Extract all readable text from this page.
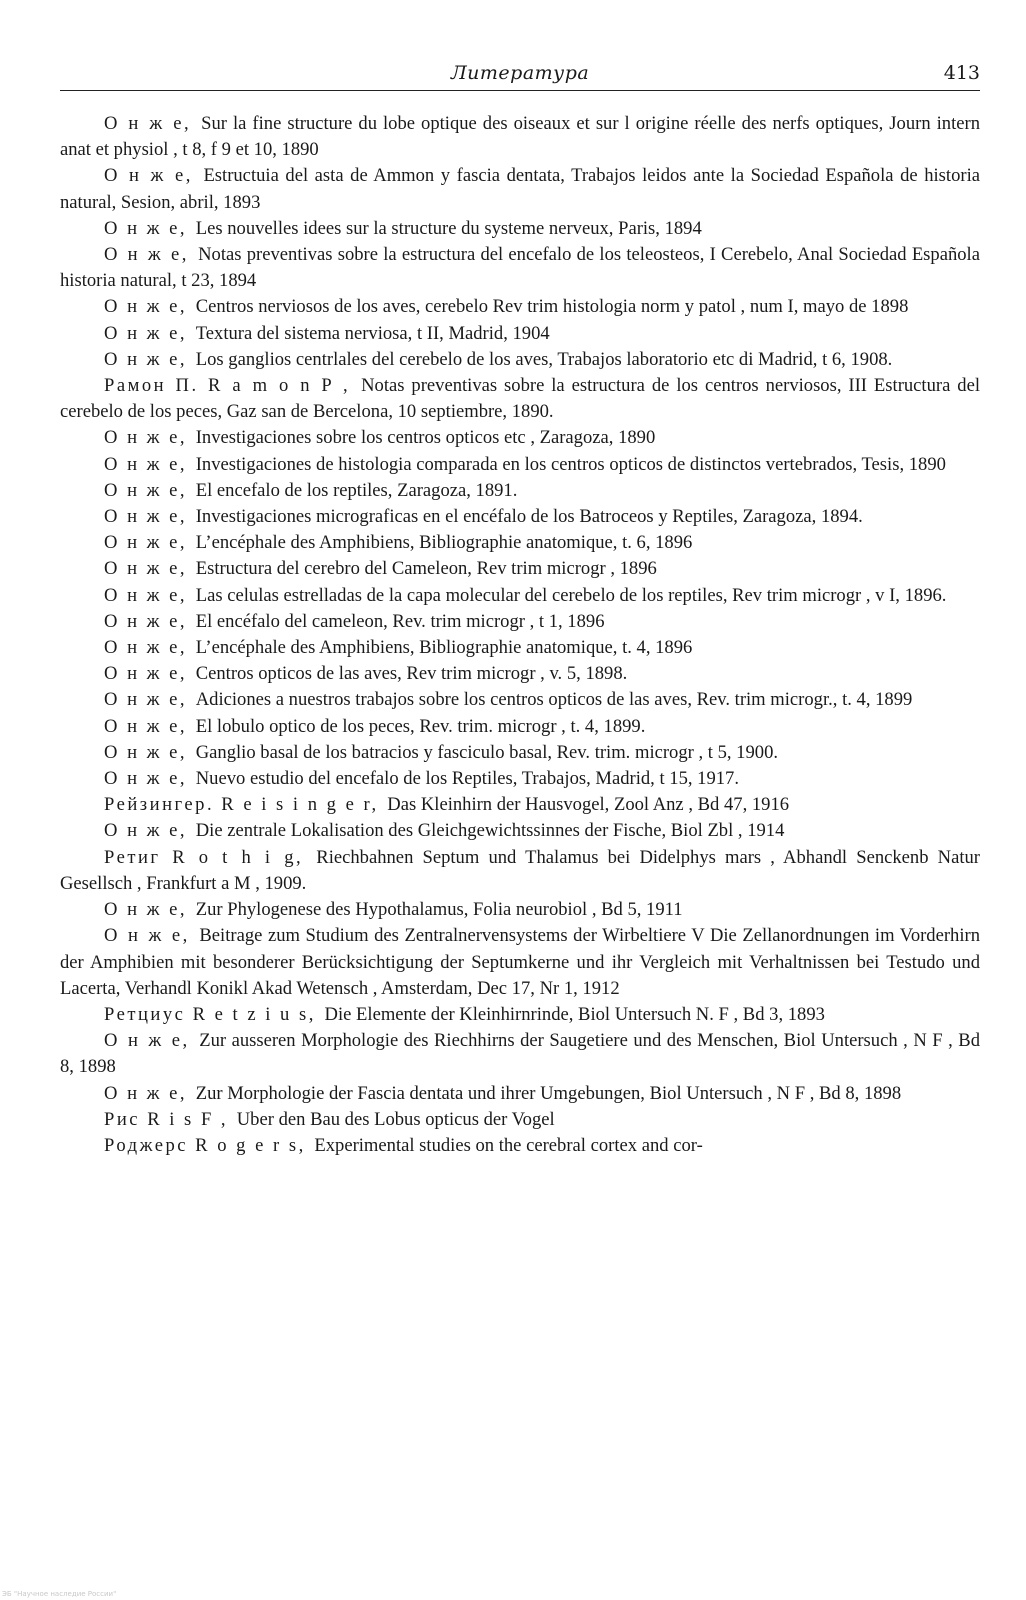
Литература	413

О н ж е, Sur la fine structure du lobe optique des oiseaux et sur l origine réelle des nerfs optiques, Journ intern anat et physiol , t 8, f 9 et 10, 1890

О н ж е, Estructuia del asta de Ammon y fascia dentata, Trabajos leidos ante la Sociedad Española de historia natural, Sesion, abril, 1893

О н ж е, Les nouvelles idees sur la structure du systeme nerveux, Paris, 1894

О н ж е, Notas preventivas sobre la estructura del encefalo de los teleosteos, I Cerebelo, Anal Sociedad Española historia natural, t 23, 1894

О н ж е, Centros nerviosos de los aves, cerebelo Rev trim histologia norm y patol , num I, mayo de 1898

О н ж е, Textura del sistema nerviosa, t II, Madrid, 1904

О н ж е, Los ganglios centrlales del cerebelo de los aves, Trabajos laboratorio etc di Madrid, t 6, 1908.

Рамон П. R a m o n P , Notas preventivas sobre la estructura de los centros nerviosos, III Estructura del cerebelo de los peces, Gaz san de Bercelona, 10 septiembre, 1890.

О н ж е, Investigaciones sobre los centros opticos etc , Zaragoza, 1890

О н ж е, Investigaciones de histologia comparada en los centros opticos de distinctos vertebrados, Tesis, 1890

О н ж е, El encefalo de los reptiles, Zaragoza, 1891.

О н ж е, Investigaciones micrograficas en el encéfalo de los Batroceos y Reptiles, Zaragoza, 1894.

О н ж е, L’encéphale des Amphibiens, Bibliographie anatomique, t. 6, 1896

О н ж е, Estructura del cerebro del Cameleon, Rev trim microgr , 1896

О н ж е, Las celulas estrelladas de la capa molecular del cerebelo de los reptiles, Rev trim microgr , v I, 1896.

О н ж е, El encéfalo del cameleon, Rev. trim microgr , t 1, 1896

О н ж е, L’encéphale des Amphibiens, Bibliographie anatomique, t. 4, 1896

О н ж е, Centros opticos de las aves, Rev trim microgr , v. 5, 1898.

О н ж е, Adiciones a nuestros trabajos sobre los centros opticos de las aves, Rev. trim microgr., t. 4, 1899

О н ж е, El lobulo optico de los peces, Rev. trim. microgr , t. 4, 1899.

О н ж е, Ganglio basal de los batracios y fasciculo basal, Rev. trim. microgr , t 5, 1900.

О н ж е, Nuevo estudio del encefalo de los Reptiles, Trabajos, Madrid, t 15, 1917.

Рейзингер. R e i s i n g e r, Das Kleinhirn der Hausvogel, Zool Anz , Bd 47, 1916

О н ж е, Die zentrale Lokalisation des Gleichgewichtssinnes der Fische, Biol Zbl , 1914

Ретиг R o t h i g, Riechbahnen Septum und Thalamus bei Didelphys mars , Abhandl Senckenb Natur Gesellsch , Frankfurt a M , 1909.

О н ж е, Zur Phylogenese des Hypothalamus, Folia neurobiol , Bd 5, 1911

О н ж е, Beitrage zum Studium des Zentralnervensystems der Wirbeltiere V Die Zellanordnungen im Vorderhirn der Amphibien mit besonderer Berücksichtigung der Septumkerne und ihr Vergleich mit Verhaltnissen bei Testudo und Lacerta, Verhandl Konikl Akad Wetensch , Amsterdam, Dec 17, Nr 1, 1912

Ретциус R e t z i u s, Die Elemente der Kleinhirnrinde, Biol Untersuch N. F , Bd 3, 1893

О н ж е, Zur ausseren Morphologie des Riechhirns der Saugetiere und des Menschen, Biol Untersuch , N F , Bd 8, 1898

О н ж е, Zur Morphologie der Fascia dentata und ihrer Umgebungen, Biol Untersuch , N F , Bd 8, 1898

Рис R i s F , Uber den Bau des Lobus opticus der Vogel

Роджерс R o g e r s, Experimental studies on the cerebral cortex and cor-

ЭБ "Научное наследие России"
